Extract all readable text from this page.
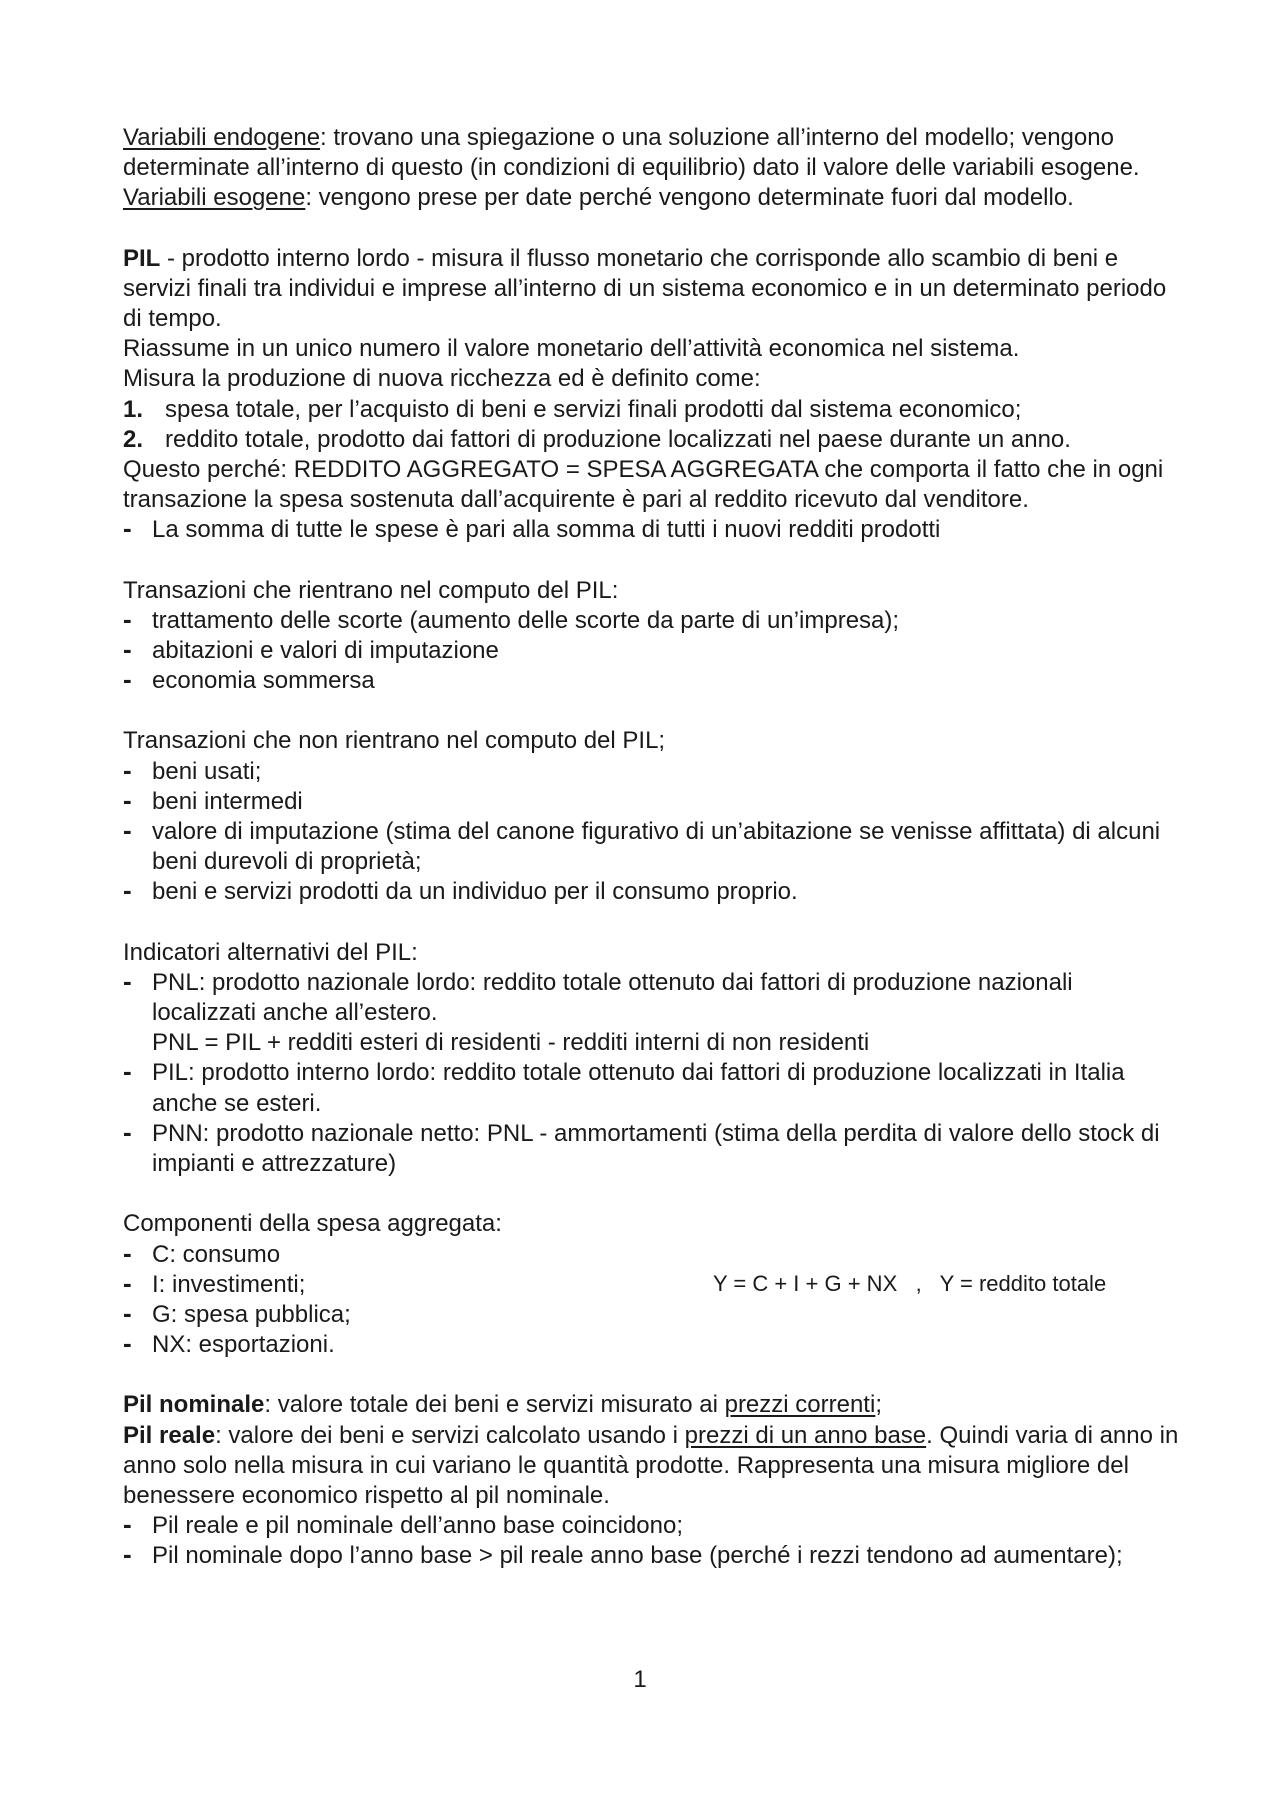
Variabili endogene: trovano una spiegazione o una soluzione all’interno del modello; vengono determinate all’interno di questo (in condizioni di equilibrio) dato il valore delle variabili esogene.

Variabili esogene: vengono prese per date perché vengono determinate fuori dal modello.

PIL - prodotto interno lordo - misura il flusso monetario che corrisponde allo scambio di beni e servizi finali tra individui e imprese all’interno di un sistema economico e in un determinato periodo di tempo.

Riassume in un unico numero il valore monetario dell’attività economica nel sistema.

Misura la produzione di nuova ricchezza ed è definito come:

1. spesa totale, per l’acquisto di beni e servizi finali prodotti dal sistema economico;
2. reddito totale, prodotto dai fattori di produzione localizzati nel paese durante un anno.

Questo perché: REDDITO AGGREGATO = SPESA AGGREGATA che comporta il fatto che in ogni transazione la spesa sostenuta dall’acquirente è pari al reddito ricevuto dal venditore.

- La somma di tutte le spese è pari alla somma di tutti i nuovi redditi prodotti

Transazioni che rientrano nel computo del PIL:

- trattamento delle scorte (aumento delle scorte da parte di un’impresa);
- abitazioni e valori di imputazione
- economia sommersa

Transazioni che non rientrano nel computo del PIL;

- beni usati;
- beni intermedi
- valore di imputazione (stima del canone figurativo di un’abitazione se venisse affittata) di alcuni beni durevoli di proprietà;
- beni e servizi prodotti da un individuo per il consumo proprio.

Indicatori alternativi del PIL:

- PNL: prodotto nazionale lordo: reddito totale ottenuto dai fattori di produzione nazionali localizzati anche all’estero.
PNL = PIL + redditi esteri di residenti - redditi interni di non residenti
- PIL: prodotto interno lordo: reddito totale ottenuto dai fattori di produzione localizzati in Italia anche se esteri.
- PNN: prodotto nazionale netto: PNL - ammortamenti (stima della perdita di valore dello stock di impianti e attrezzature)

Componenti della spesa aggregata:

- C: consumo
- I: investimenti;
- G: spesa pubblica;
- NX: esportazioni.
Y = C + I + G + NX   ,   Y = reddito totale

Pil nominale: valore totale dei beni e servizi misurato ai prezzi correnti;

Pil reale: valore dei beni e servizi calcolato usando i prezzi di un anno base. Quindi varia di anno in anno solo nella misura in cui variano le quantità prodotte. Rappresenta una misura migliore del benessere economico rispetto al pil nominale.

- Pil reale e pil nominale dell’anno base coincidono;
- Pil nominale dopo l’anno base > pil reale anno base (perché i rezzi tendono ad aumentare);
1
